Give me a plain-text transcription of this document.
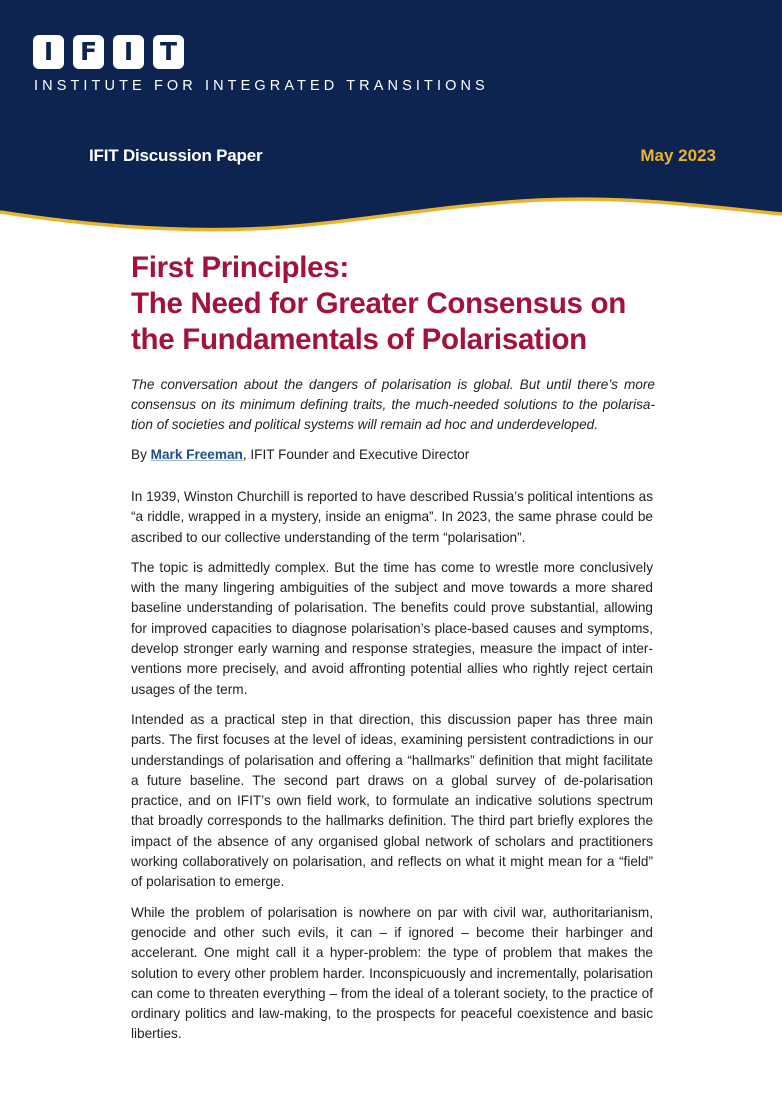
I	F	I	T
INSTITUTE FOR INTEGRATED TRANSITIONS
IFIT Discussion Paper	May 2023
First Principles:
The Need for Greater Consensus on
the Fundamentals of Polarisation

The conversation about the dangers of polarisation is global. But until there’s more consensus on its minimum defining traits, the much-needed solutions to the polarisation of societies and political systems will remain ad hoc and underdeveloped.

By Mark Freeman, IFIT Founder and Executive Director

In 1939, Winston Churchill is reported to have described Russia’s political intentions as “a riddle, wrapped in a mystery, inside an enigma”. In 2023, the same phrase could be ascribed to our collective understanding of the term “polarisation”.

The topic is admittedly complex. But the time has come to wrestle more conclusively with the many lingering ambiguities of the subject and move towards a more shared baseline understanding of polarisation. The benefits could prove substantial, allowing for improved capacities to diagnose polarisation’s place-based causes and symptoms, develop stronger early warning and response strategies, measure the impact of interventions more precisely, and avoid affronting potential allies who rightly reject certain usages of the term.

Intended as a practical step in that direction, this discussion paper has three main parts. The first focuses at the level of ideas, examining persistent contradictions in our understandings of polarisation and offering a “hallmarks” definition that might facilitate a future baseline. The second part draws on a global survey of de-polarisation practice, and on IFIT’s own field work, to formulate an indicative solutions spectrum that broadly corresponds to the hallmarks definition. The third part briefly explores the impact of the absence of any organised global network of scholars and practitioners working collaboratively on polarisation, and reflects on what it might mean for a “field” of polarisation to emerge.

While the problem of polarisation is nowhere on par with civil war, authoritarianism, genocide and other such evils, it can – if ignored – become their harbinger and accelerant. One might call it a hyper-problem: the type of problem that makes the solution to every other problem harder. Inconspicuously and incrementally, polarisation can come to threaten everything – from the ideal of a tolerant society, to the practice of ordinary politics and law-making, to the prospects for peaceful coexistence and basic liberties.
